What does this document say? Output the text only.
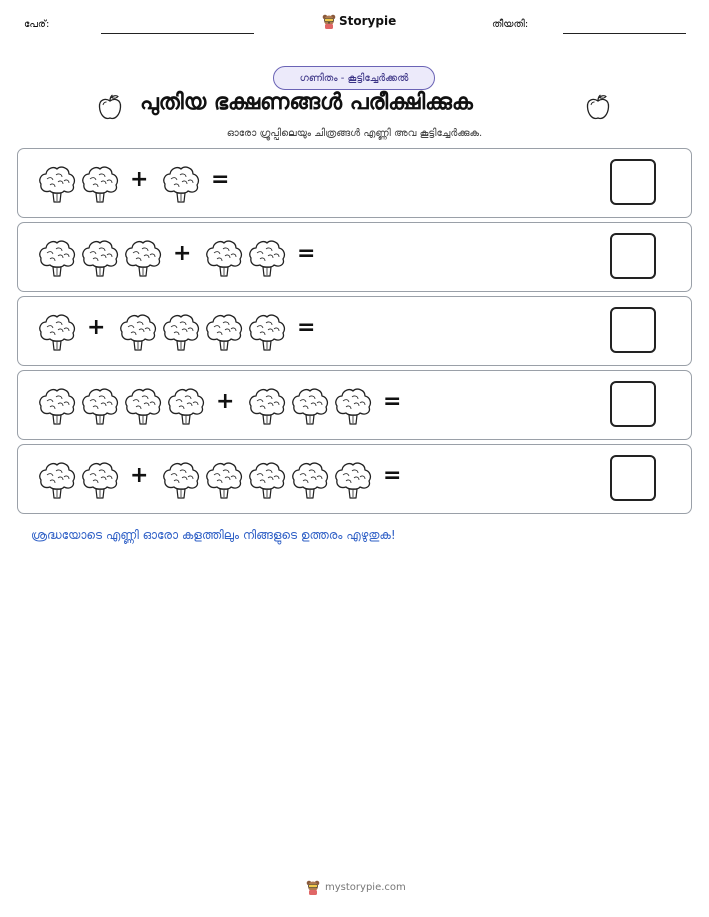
പേര്:	Storypie	തീയതി:
ഗണിതം - കൂട്ടിച്ചേർക്കൽ
പുതിയ ഭക്ഷണങ്ങൾ പരീക്ഷിക്കുക
ഓരോ ഗ്രൂപ്പിലെയും ചിത്രങ്ങൾ എണ്ണി അവ കൂട്ടിച്ചേർക്കുക.
+	=
+	=
+	=
+	=
+	=
ശ്രദ്ധയോടെ എണ്ണി ഓരോ കളത്തിലും നിങ്ങളുടെ ഉത്തരം എഴുതുക!
mystorypie.com
